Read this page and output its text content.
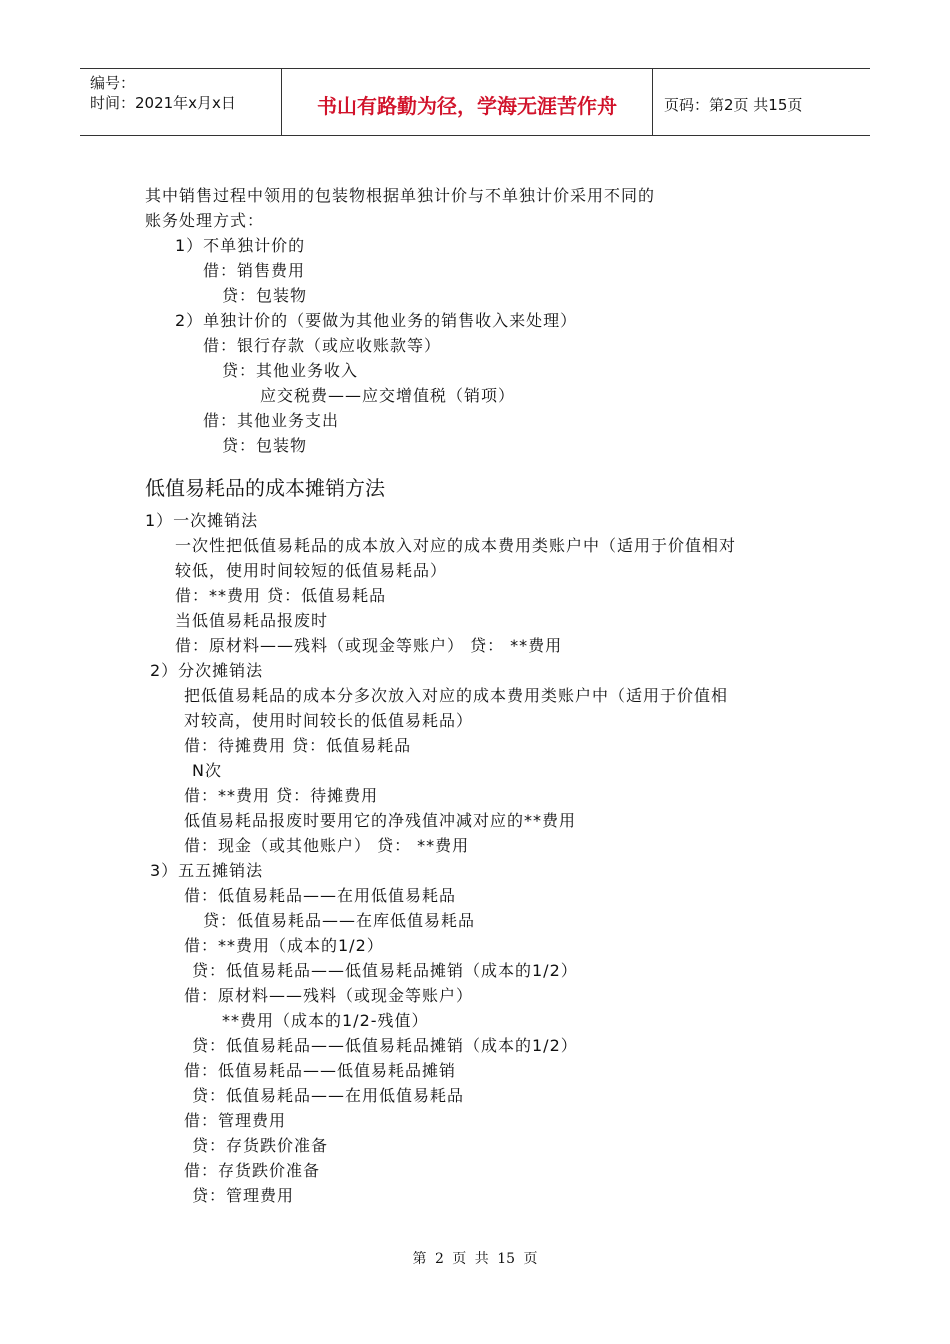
编号：
时间：2021年x月x日	书山有路勤为径，学海无涯苦作舟	页码：第2页 共15页
其中销售过程中领用的包装物根据单独计价与不单独计价采用不同的
账务处理方式：
1）不单独计价的
借：销售费用
贷：包装物
2）单独计价的（要做为其他业务的销售收入来处理）
借：银行存款（或应收账款等）
贷：其他业务收入
应交税费——应交增值税（销项）
借：其他业务支出
贷：包装物
低值易耗品的成本摊销方法
1）一次摊销法
一次性把低值易耗品的成本放入对应的成本费用类账户中（适用于价值相对
较低，使用时间较短的低值易耗品）
借：**费用 贷：低值易耗品
当低值易耗品报废时
借：原材料——残料（或现金等账户） 贷： **费用
2）分次摊销法
把低值易耗品的成本分多次放入对应的成本费用类账户中（适用于价值相
对较高，使用时间较长的低值易耗品）
借：待摊费用 贷：低值易耗品
N次
借：**费用 贷：待摊费用
低值易耗品报废时要用它的净残值冲减对应的**费用
借：现金（或其他账户） 贷： **费用
3）五五摊销法
借：低值易耗品——在用低值易耗品
贷：低值易耗品——在库低值易耗品
借：**费用（成本的1/2）
贷：低值易耗品——低值易耗品摊销（成本的1/2）
借：原材料——残料（或现金等账户）
**费用（成本的1/2-残值）
贷：低值易耗品——低值易耗品摊销（成本的1/2）
借：低值易耗品——低值易耗品摊销
贷：低值易耗品——在用低值易耗品
借：管理费用
贷：存货跌价准备
借：存货跌价准备
贷：管理费用
第 2 页 共 15 页
